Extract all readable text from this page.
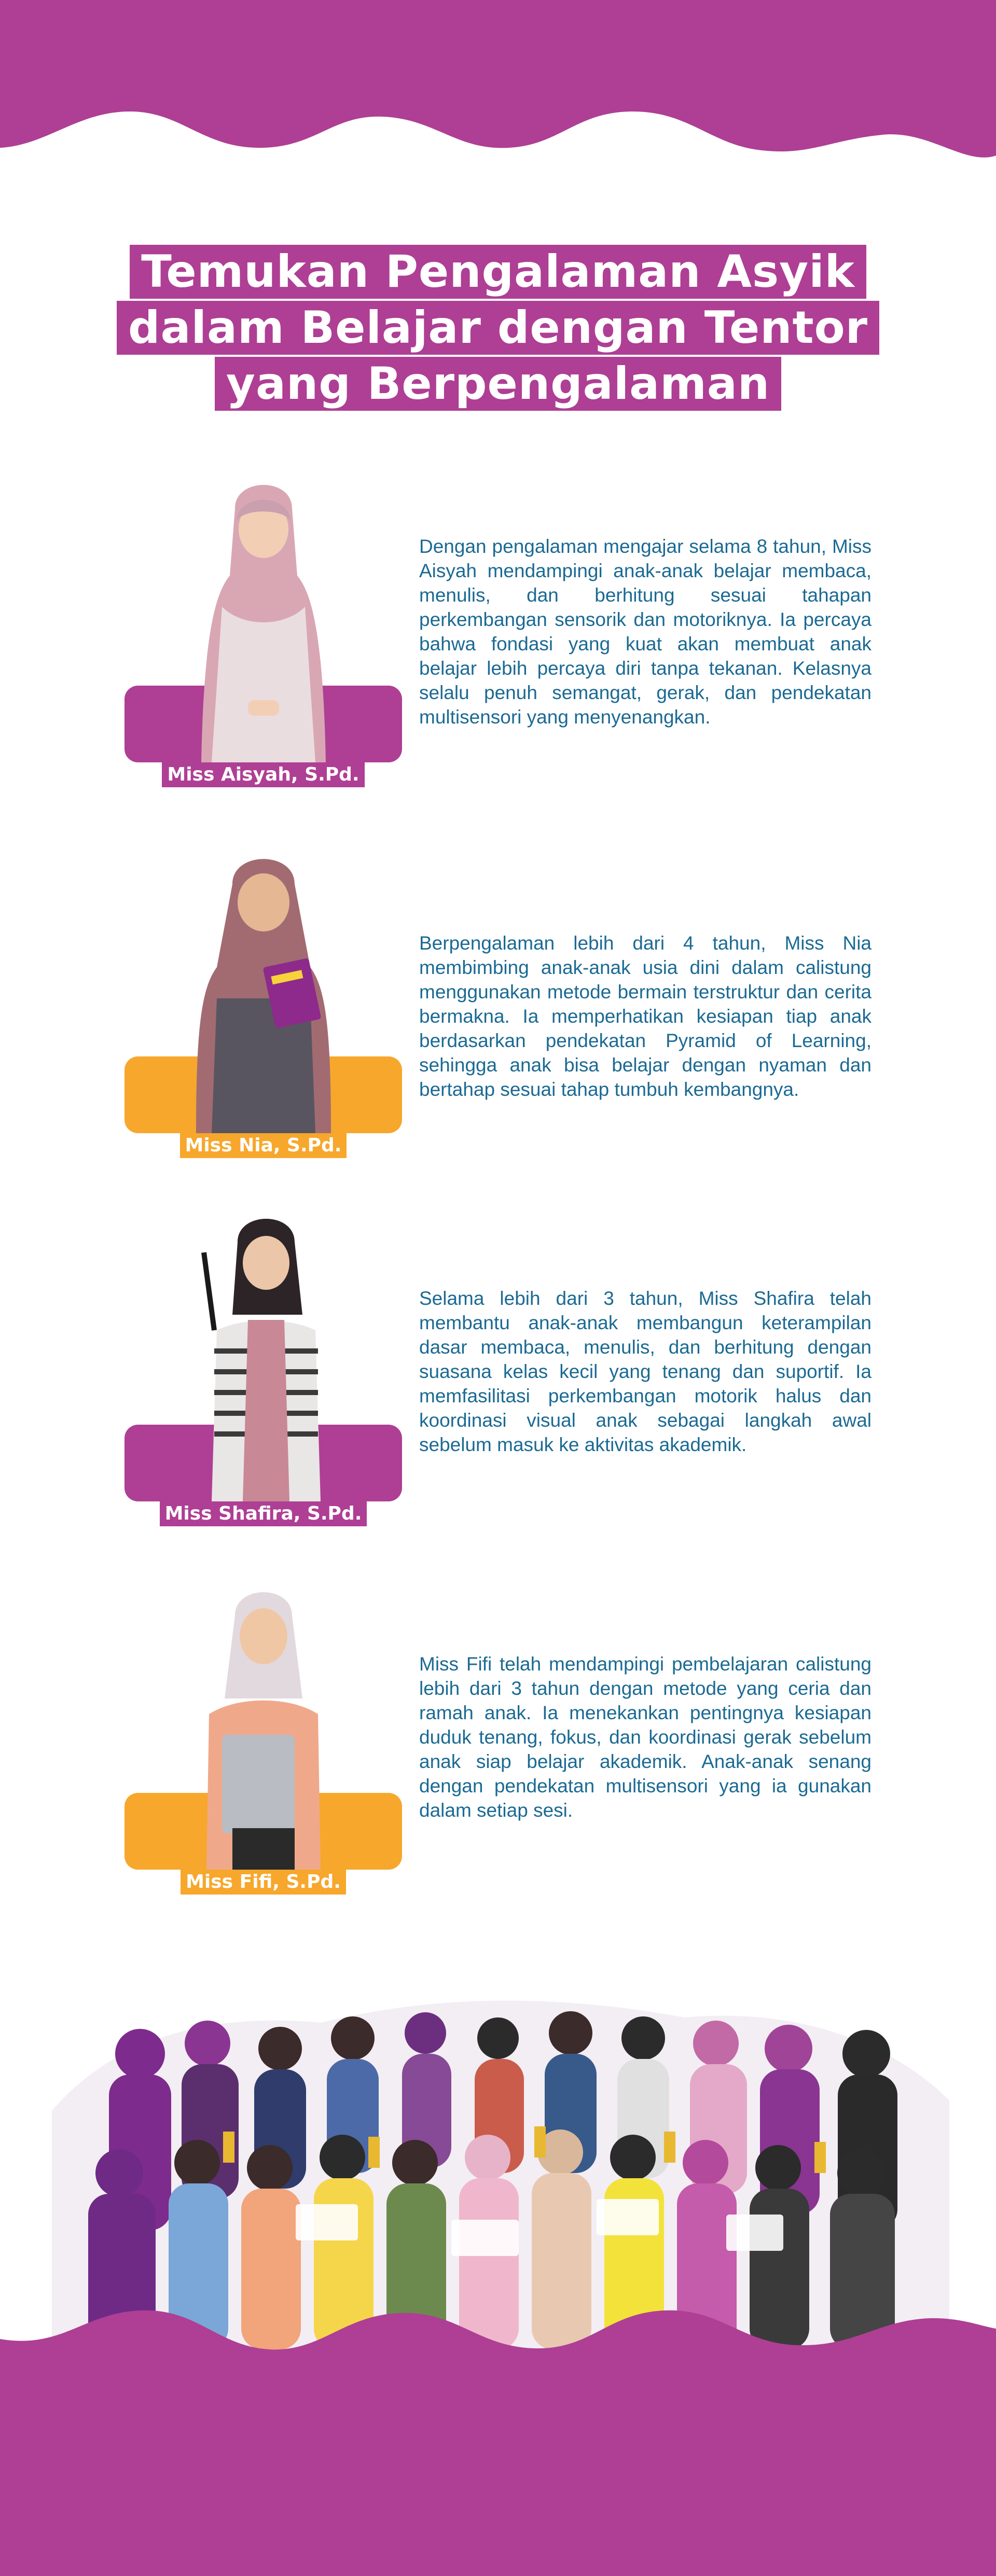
Temukan Pengalaman Asyik
dalam Belajar dengan Tentor
yang Berpengalaman
Miss Aisyah, S.Pd.

Dengan pengalaman mengajar selama 8 tahun, Miss Aisyah mendampingi anak-anak belajar membaca, menulis, dan berhitung sesuai tahapan perkembangan sensorik dan motoriknya. Ia percaya bahwa fondasi yang kuat akan membuat anak belajar lebih percaya diri tanpa tekanan. Kelasnya selalu penuh semangat, gerak, dan pendekatan multisensori yang menyenangkan.

Miss Nia, S.Pd.

Berpengalaman lebih dari 4 tahun, Miss Nia membimbing anak-anak usia dini dalam calistung menggunakan metode bermain terstruktur dan cerita bermakna. Ia memperhatikan kesiapan tiap anak berdasarkan pendekatan Pyramid of Learning, sehingga anak bisa belajar dengan nyaman dan bertahap sesuai tahap tumbuh kembangnya.

Miss Shafira, S.Pd.

Selama lebih dari 3 tahun, Miss Shafira telah membantu anak-anak membangun keterampilan dasar membaca, menulis, dan berhitung dengan suasana kelas kecil yang tenang dan suportif. Ia memfasilitasi perkembangan motorik halus dan koordinasi visual anak sebagai langkah awal sebelum masuk ke aktivitas akademik.

Miss Fifi, S.Pd.

Miss Fifi telah mendampingi pembelajaran calistung lebih dari 3 tahun dengan metode yang ceria dan ramah anak. Ia menekankan pentingnya kesiapan duduk tenang, fokus, dan koordinasi gerak sebelum anak siap belajar akademik. Anak-anak senang dengan pendekatan multisensori yang ia gunakan dalam setiap sesi.
